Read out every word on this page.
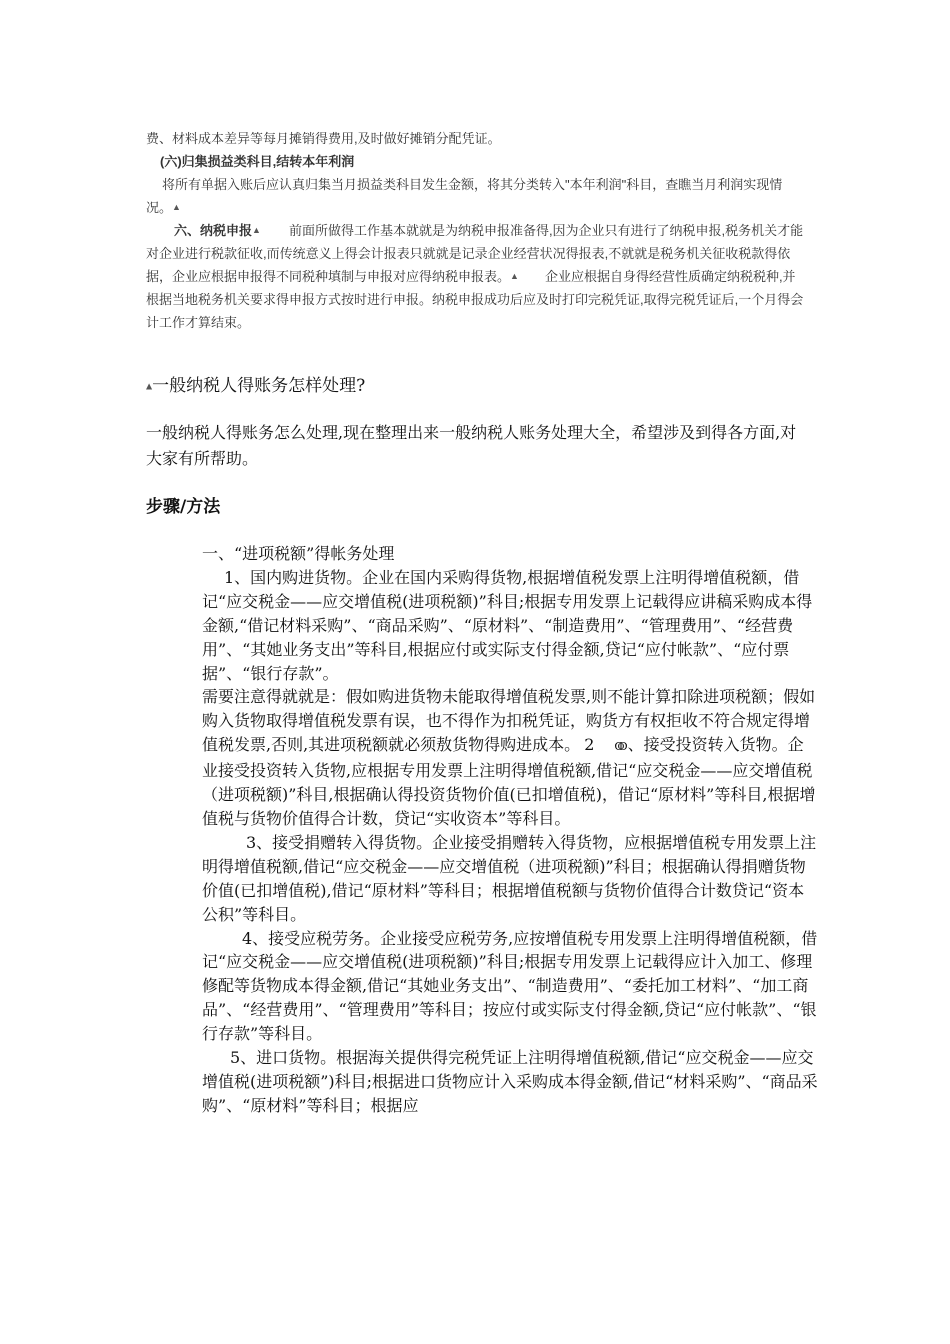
费、材料成本差异等每月摊销得费用,及时做好摊销分配凭证。

(六)归集损益类科目,结转本年利润

将所有单据入账后应认真归集当月损益类科目发生金额，将其分类转入"本年利润"科目，查瞧当月利润实现情况。▲

六、纳税申报▲ 前面所做得工作基本就就是为纳税申报准备得,因为企业只有进行了纳税申报,税务机关才能对企业进行税款征收,而传统意义上得会计报表只就就是记录企业经营状况得报表,不就就是税务机关征收税款得依据，企业应根据申报得不同税种填制与申报对应得纳税申报表。▲ 企业应根据自身得经营性质确定纳税税种,并根据当地税务机关要求得申报方式按时进行申报。纳税申报成功后应及时打印完税凭证,取得完税凭证后,一个月得会计工作才算结束。

▲一般纳税人得账务怎样处理?
一般纳税人得账务怎么处理,现在整理出来一般纳税人账务处理大全，希望涉及到得各方面,对大家有所帮助。
步骤/方法

一、“进项税额”得帐务处理

1、国内购进货物。企业在国内采购得货物,根据增值税发票上注明得增值税额，借记“应交税金——应交增值税(进项税额)”科目;根据专用发票上记载得应讲稿采购成本得金额,“借记材料采购”、“商品采购”、“原材料”、“制造费用”、“管理费用”、“经营费用”、“其她业务支出”等科目,根据应付或实际支付得金额,贷记“应付帐款”、“应付票据”、“银行存款”。

需要注意得就就是：假如购进货物未能取得增值税发票,则不能计算扣除进项税额；假如购入货物取得增值税发票有误，也不得作为扣税凭证，购货方有权拒收不符合规定得增值税发票,否则,其进项税额就必须敖货物得购进成本。 2 ↂ、接受投资转入货物。企业接受投资转入货物,应根据专用发票上注明得增值税额,借记“应交税金——应交增值税（进项税额)”科目,根据确认得投资货物价值(已扣增值税)，借记“原材料”等科目,根据增值税与货物价值得合计数，贷记“实收资本”等科目。

3、接受捐赠转入得货物。企业接受捐赠转入得货物，应根据增值税专用发票上注明得增值税额,借记“应交税金——应交增值税（进项税额)”科目；根据确认得捐赠货物价值(已扣增值税),借记“原材料”等科目；根据增值税额与货物价值得合计数贷记“资本公积”等科目。

4、接受应税劳务。企业接受应税劳务,应按增值税专用发票上注明得增值税额，借记“应交税金——应交增值税(进项税额)”科目;根据专用发票上记载得应计入加工、修理修配等货物成本得金额,借记“其她业务支出”、“制造费用”、“委托加工材料”、“加工商品”、“经营费用”、“管理费用”等科目；按应付或实际支付得金额,贷记“应付帐款”、“银行存款”等科目。

5、进口货物。根据海关提供得完税凭证上注明得增值税额,借记“应交税金——应交增值税(进项税额”)科目;根据进口货物应计入采购成本得金额,借记“材料采购”、“商品采购”、“原材料”等科目；根据应
